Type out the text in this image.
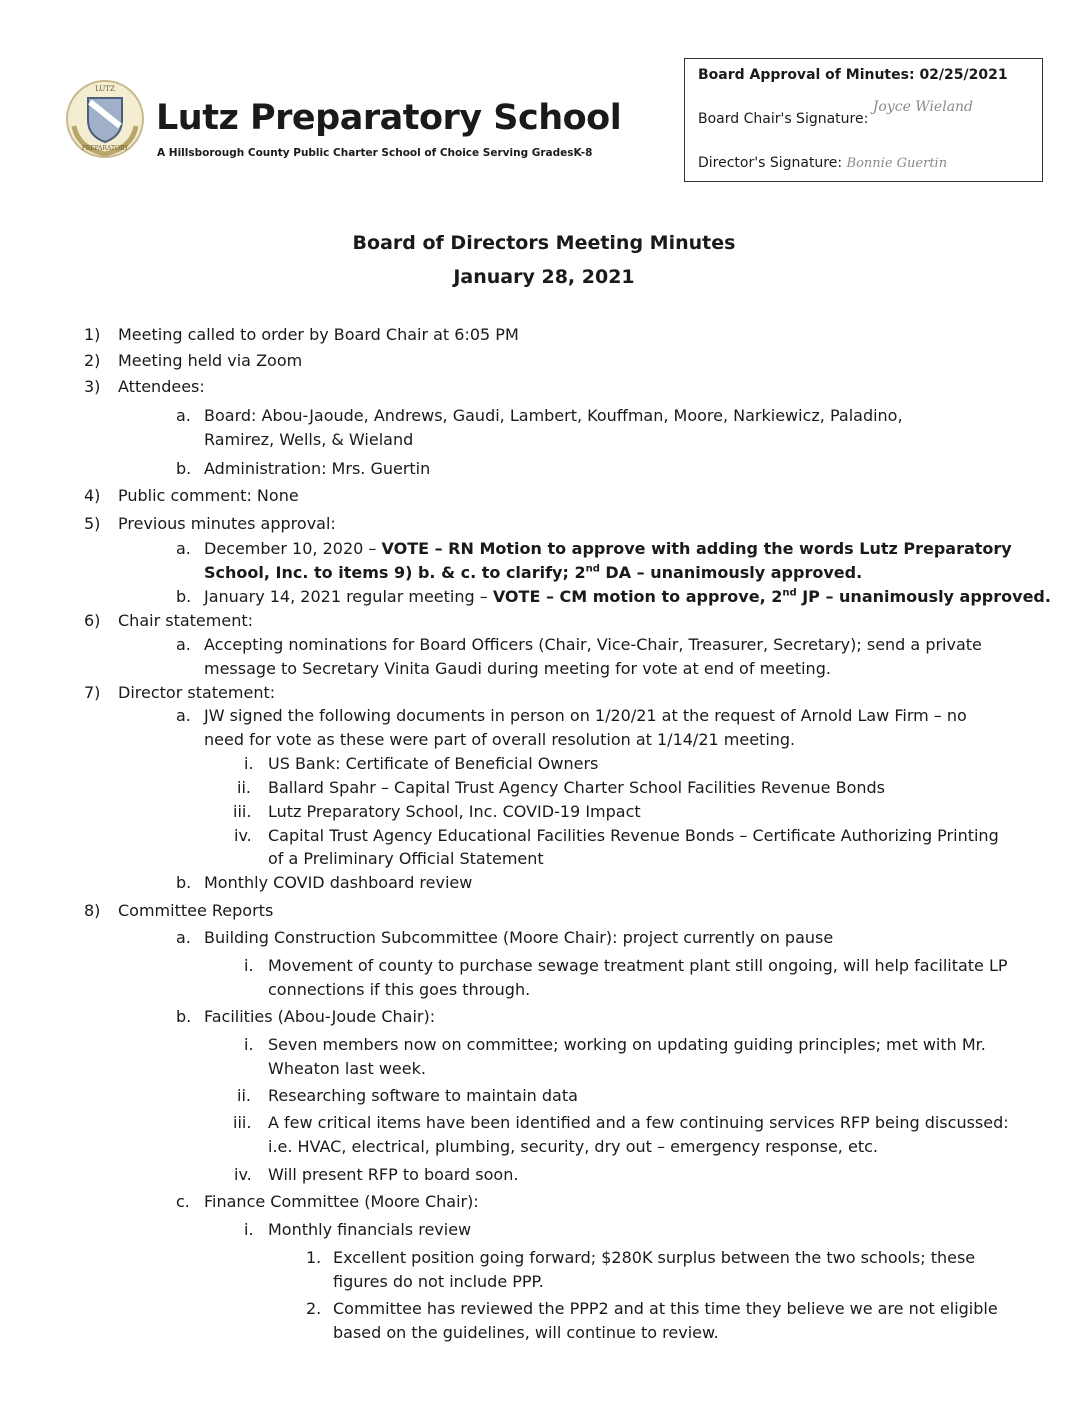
LUTZ
PREPARATORY
Lutz Preparatory School
A Hillsborough County Public Charter School of Choice Serving GradesK-8
Board Approval of Minutes: 02/25/2021
Board Chair's Signature: Joyce Wieland
Director's Signature: Bonnie Guertin
Board of Directors Meeting Minutes
January 28, 2021
1) Meeting called to order by Board Chair at 6:05 PM
2) Meeting held via Zoom
3) Attendees:
a. Board: Abou-Jaoude, Andrews, Gaudi, Lambert, Kouffman, Moore, Narkiewicz, Paladino,
Ramirez, Wells, & Wieland
b. Administration: Mrs. Guertin
4) Public comment: None
5) Previous minutes approval:
a. December 10, 2020 – VOTE – RN Motion to approve with adding the words Lutz Preparatory
School, Inc. to items 9) b. & c. to clarify; 2nd DA – unanimously approved.
b. January 14, 2021 regular meeting – VOTE – CM motion to approve, 2nd JP – unanimously approved.
6) Chair statement:
a. Accepting nominations for Board Officers (Chair, Vice-Chair, Treasurer, Secretary); send a private
message to Secretary Vinita Gaudi during meeting for vote at end of meeting.
7) Director statement:
a. JW signed the following documents in person on 1/20/21 at the request of Arnold Law Firm – no
need for vote as these were part of overall resolution at 1/14/21 meeting.
i. US Bank: Certificate of Beneficial Owners
ii. Ballard Spahr – Capital Trust Agency Charter School Facilities Revenue Bonds
iii. Lutz Preparatory School, Inc. COVID-19 Impact
iv. Capital Trust Agency Educational Facilities Revenue Bonds – Certificate Authorizing Printing
of a Preliminary Official Statement
b. Monthly COVID dashboard review
8) Committee Reports
a. Building Construction Subcommittee (Moore Chair): project currently on pause
i. Movement of county to purchase sewage treatment plant still ongoing, will help facilitate LP
connections if this goes through.
b. Facilities (Abou-Joude Chair):
i. Seven members now on committee; working on updating guiding principles; met with Mr.
Wheaton last week.
ii. Researching software to maintain data
iii. A few critical items have been identified and a few continuing services RFP being discussed:
i.e. HVAC, electrical, plumbing, security, dry out – emergency response, etc.
iv. Will present RFP to board soon.
c. Finance Committee (Moore Chair):
i. Monthly financials review
1. Excellent position going forward; $280K surplus between the two schools; these
figures do not include PPP.
2. Committee has reviewed the PPP2 and at this time they believe we are not eligible
based on the guidelines, will continue to review.
